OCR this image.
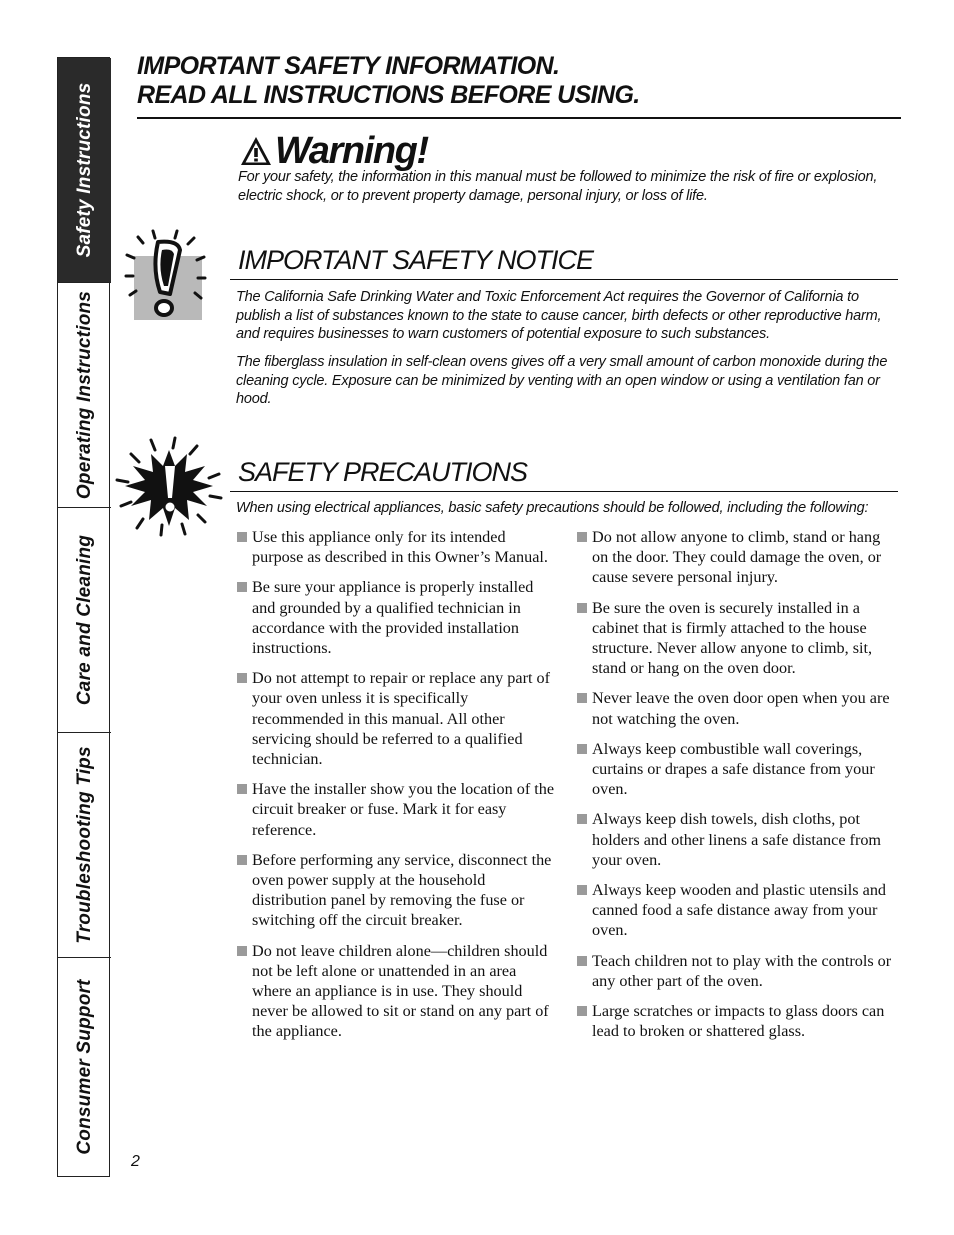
Safety Instructions
Operating Instructions
Care and Cleaning
Troubleshooting Tips
Consumer Support
IMPORTANT SAFETY INFORMATION.
READ ALL INSTRUCTIONS BEFORE USING.
Warning!
For your safety, the information in this manual must be followed to minimize the risk of fire or explosion, electric shock, or to prevent property damage, personal injury, or loss of life.
IMPORTANT SAFETY NOTICE
The California Safe Drinking Water and Toxic Enforcement Act requires the Governor of California to publish a list of substances known to the state to cause cancer, birth defects or other reproductive harm, and requires businesses to warn customers of potential exposure to such substances.
The fiberglass insulation in self-clean ovens gives off a very small amount of carbon monoxide during the cleaning cycle. Exposure can be minimized by venting with an open window or using a ventilation fan or hood.
SAFETY PRECAUTIONS
When using electrical appliances, basic safety precautions should be followed, including the following:
Use this appliance only for its intended purpose as described in this Owner’s Manual.
Be sure your appliance is properly installed and grounded by a qualified technician in accordance with the provided installation instructions.
Do not attempt to repair or replace any part of your oven unless it is specifically recommended in this manual. All other servicing should be referred to a qualified technician.
Have the installer show you the location of the circuit breaker or fuse. Mark it for easy reference.
Before performing any service, disconnect the oven power supply at the household distribution panel by removing the fuse or switching off the circuit breaker.
Do not leave children alone—children should not be left alone or unattended in an area where an appliance is in use. They should never be allowed to sit or stand on any part of the appliance.
Do not allow anyone to climb, stand or hang on the door. They could damage the oven, or cause severe personal injury.
Be sure the oven is securely installed in a cabinet that is firmly attached to the house structure. Never allow anyone to climb, sit, stand or hang on the oven door.
Never leave the oven door open when you are not watching the oven.
Always keep combustible wall coverings, curtains or drapes a safe distance from your oven.
Always keep dish towels, dish cloths, pot holders and other linens a safe distance from your oven.
Always keep wooden and plastic utensils and canned food a safe distance away from your oven.
Teach children not to play with the controls or any other part of the oven.
Large scratches or impacts to glass doors can lead to broken or shattered glass.
2
